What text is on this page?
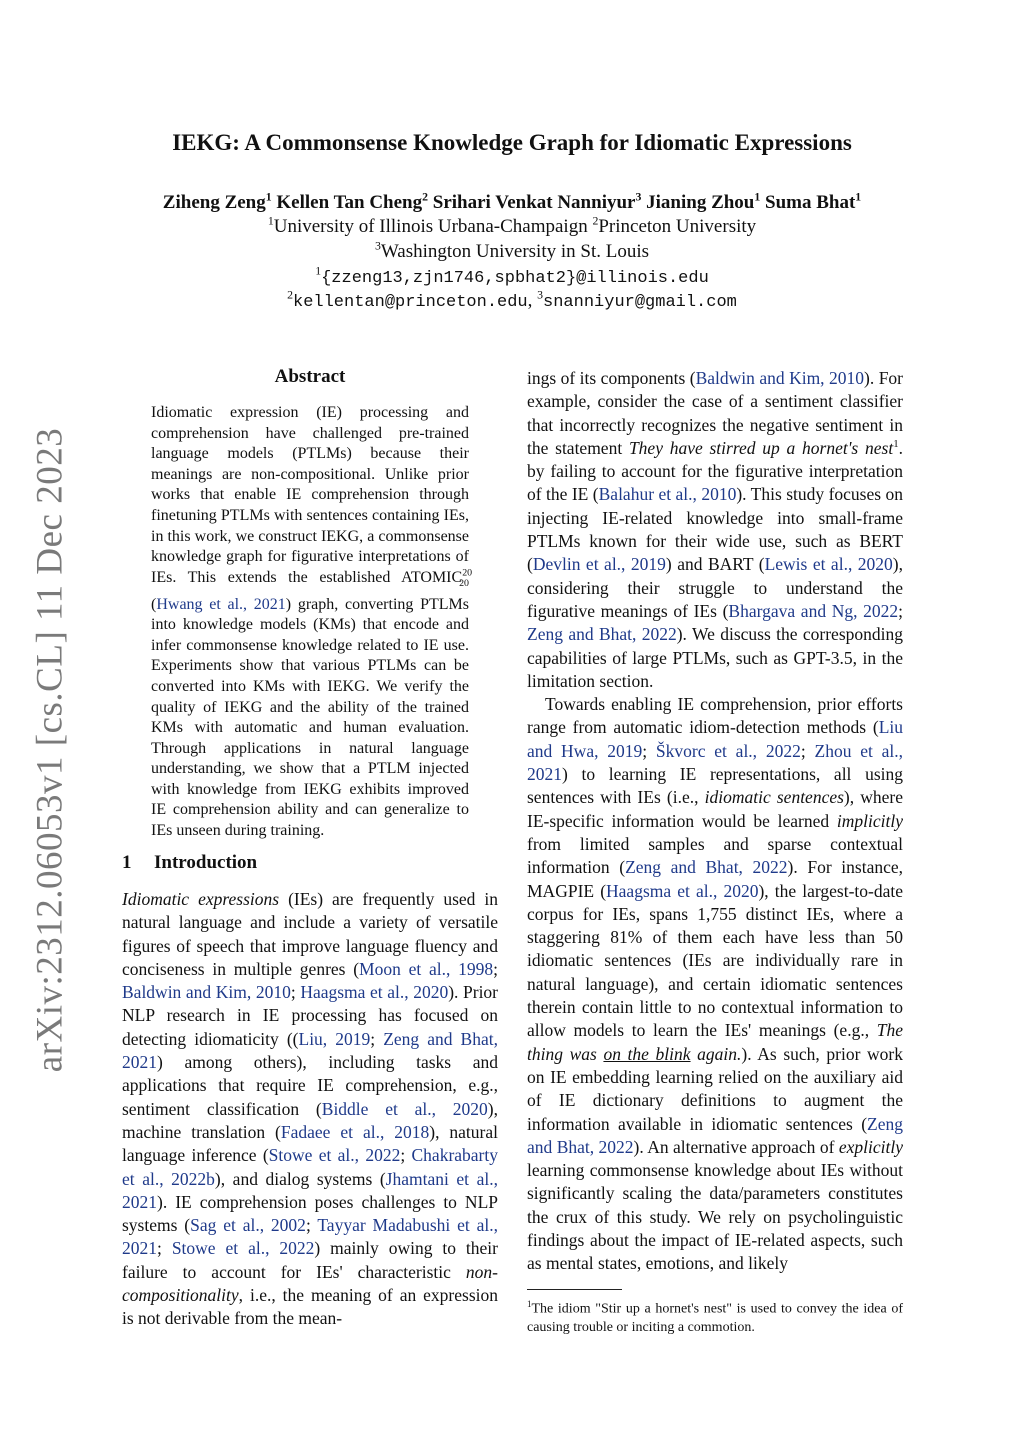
arXiv:2312.06053v1 [cs.CL] 11 Dec 2023
IEKG: A Commonsense Knowledge Graph for Idiomatic Expressions
Ziheng Zeng$^1$ Kellen Tan Cheng$^2$ Srihari Venkat Nanniyur$^3$ Jianing Zhou$^1$ Suma Bhat$^1$
$^1$University of Illinois Urbana-Champaign $^2$Princeton University
$^3$Washington University in St. Louis
$^1${zzeng13,zjn1746,spbhat2}@illinois.edu
$^2$kellentan@princeton.edu, $^3$snanniyur@gmail.com
Abstract
Idiomatic expression (IE) processing and comprehension have challenged pre-trained language models (PTLMs) because their meanings are non-compositional. Unlike prior works that enable IE comprehension through finetuning PTLMs with sentences containing IEs, in this work, we construct IEKG, a commonsense knowledge graph for figurative interpretations of IEs. This extends the established $ATOMIC^{20}_{20}$ (Hwang et al., 2021) graph, converting PTLMs into knowledge models (KMs) that encode and infer commonsense knowledge related to IE use. Experiments show that various PTLMs can be converted into KMs with IEKG. We verify the quality of IEKG and the ability of the trained KMs with automatic and human evaluation. Through applications in natural language understanding, we show that a PTLM injected with knowledge from IEKG exhibits improved IE comprehension ability and can generalize to IEs unseen during training.
1 Introduction

Idiomatic expressions (IEs) are frequently used in natural language and include a variety of versatile figures of speech that improve language fluency and conciseness in multiple genres (Moon et al., 1998; Baldwin and Kim, 2010; Haagsma et al., 2020). Prior NLP research in IE processing has focused on detecting idiomaticity ((Liu, 2019; Zeng and Bhat, 2021) among others), including tasks and applications that require IE comprehension, e.g., sentiment classification (Biddle et al., 2020), machine translation (Fadaee et al., 2018), natural language inference (Stowe et al., 2022; Chakrabarty et al., 2022b), and dialog systems (Jhamtani et al., 2021). IE comprehension poses challenges to NLP systems (Sag et al., 2002; Tayyar Madabushi et al., 2021; Stowe et al., 2022) mainly owing to their failure to account for IEs' characteristic non-compositionality, i.e., the meaning of an expression is not derivable from the mean-

ings of its components (Baldwin and Kim, 2010). For example, consider the case of a sentiment classifier that incorrectly recognizes the negative sentiment in the statement They have stirred up a hornet's nest$^1$. by failing to account for the figurative interpretation of the IE (Balahur et al., 2010). This study focuses on injecting IE-related knowledge into small-frame PTLMs known for their wide use, such as BERT (Devlin et al., 2019) and BART (Lewis et al., 2020), considering their struggle to understand the figurative meanings of IEs (Bhargava and Ng, 2022; Zeng and Bhat, 2022). We discuss the corresponding capabilities of large PTLMs, such as GPT-3.5, in the limitation section.

Towards enabling IE comprehension, prior efforts range from automatic idiom-detection methods (Liu and Hwa, 2019; Škvorc et al., 2022; Zhou et al., 2021) to learning IE representations, all using sentences with IEs (i.e., idiomatic sentences), where IE-specific information would be learned implicitly from limited samples and sparse contextual information (Zeng and Bhat, 2022). For instance, MAGPIE (Haagsma et al., 2020), the largest-to-date corpus for IEs, spans 1,755 distinct IEs, where a staggering 81% of them each have less than 50 idiomatic sentences (IEs are individually rare in natural language), and certain idiomatic sentences therein contain little to no contextual information to allow models to learn the IEs' meanings (e.g., The thing was on the blink again.). As such, prior work on IE embedding learning relied on the auxiliary aid of IE dictionary definitions to augment the information available in idiomatic sentences (Zeng and Bhat, 2022). An alternative approach of explicitly learning commonsense knowledge about IEs without significantly scaling the data/parameters constitutes the crux of this study. We rely on psycholinguistic findings about the impact of IE-related aspects, such as mental states, emotions, and likely

$^1$The idiom "Stir up a hornet's nest" is used to convey the idea of causing trouble or inciting a commotion.
